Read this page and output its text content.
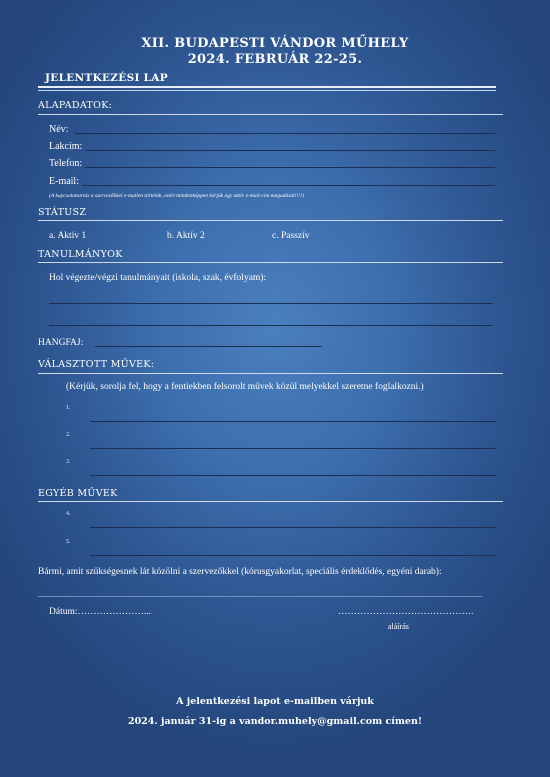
XII. BUDAPESTI VÁNDOR MŰHELY
2024. FEBRUÁR 22-25.
JELENTKEZÉSI LAP
ALAPADATOK:
Név:
Lakcím:
Telefon:
E-mail:
(A kapcsolattartás a szervezőkkel e-mailen történik, ezért mindenképpen kérjük egy aktív e-mail-cím megadását!!!!)
STÁTUSZ
a. Aktív 1	b. Aktív 2	c. Passzív
TANULMÁNYOK
Hol végezte/végzi tanulmányait (iskola, szak, évfolyam):
HANGFAJ:
VÁLASZTOTT MŰVEK:
(Kérjük, sorolja fel, hogy a fentiekben felsorolt művek közül melyekkel szeretne foglalkozni.)
1.
2.
3.
EGYÉB MŰVEK
4.
5.
Bármi, amit szükségesnek lát közölni a szervezőkkel (kórusgyakorlat, speciális érdeklődés, egyéni darab):
Dátum:…………………...	…………………………………….
aláírás
A jelentkezési lapot e-mailben várjuk
2024. január 31-ig a vandor.muhely@gmail.com címen!
